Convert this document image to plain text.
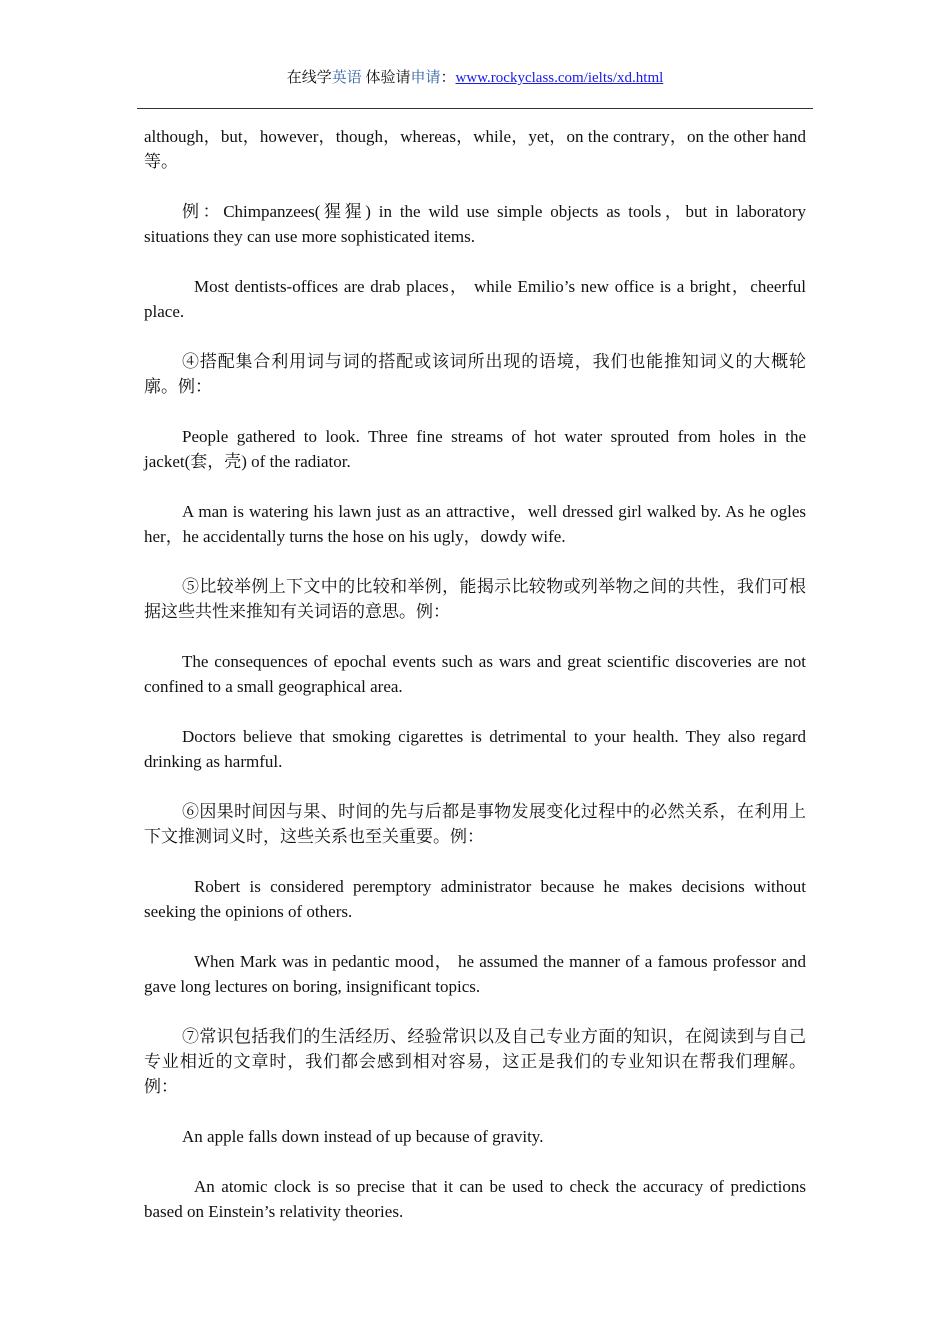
在线学英语 体验请申请：www.rockyclass.com/ielts/xd.html

although，but，however，though，whereas，while，yet，on the contrary，on the other hand 等。

例：Chimpanzees(猩猩) in the wild use simple objects as tools，but in laboratory situations they can use more sophisticated items.

Most dentists-offices are drab places， while Emilio’s new office is a bright，cheerful place.

④搭配集合利用词与词的搭配或该词所出现的语境，我们也能推知词义的大概轮廓。例：

People gathered to look. Three fine streams of hot water sprouted from holes in the jacket(套，壳) of the radiator.

A man is watering his lawn just as an attractive，well dressed girl walked by. As he ogles her，he accidentally turns the hose on his ugly，dowdy wife.

⑤比较举例上下文中的比较和举例，能揭示比较物或列举物之间的共性，我们可根据这些共性来推知有关词语的意思。例：

The consequences of epochal events such as wars and great scientific discoveries are not confined to a small geographical area.

Doctors believe that smoking cigarettes is detrimental to your health. They also regard drinking as harmful.

⑥因果时间因与果、时间的先与后都是事物发展变化过程中的必然关系，在利用上下文推测词义时，这些关系也至关重要。例：

Robert is considered peremptory administrator because he makes decisions without seeking the opinions of others.

When Mark was in pedantic mood， he assumed the manner of a famous professor and gave long lectures on boring, insignificant topics.

⑦常识包括我们的生活经历、经验常识以及自己专业方面的知识，在阅读到与自己专业相近的文章时，我们都会感到相对容易，这正是我们的专业知识在帮我们理解。例：

An apple falls down instead of up because of gravity.

An atomic clock is so precise that it can be used to check the accuracy of predictions based on Einstein’s relativity theories.
